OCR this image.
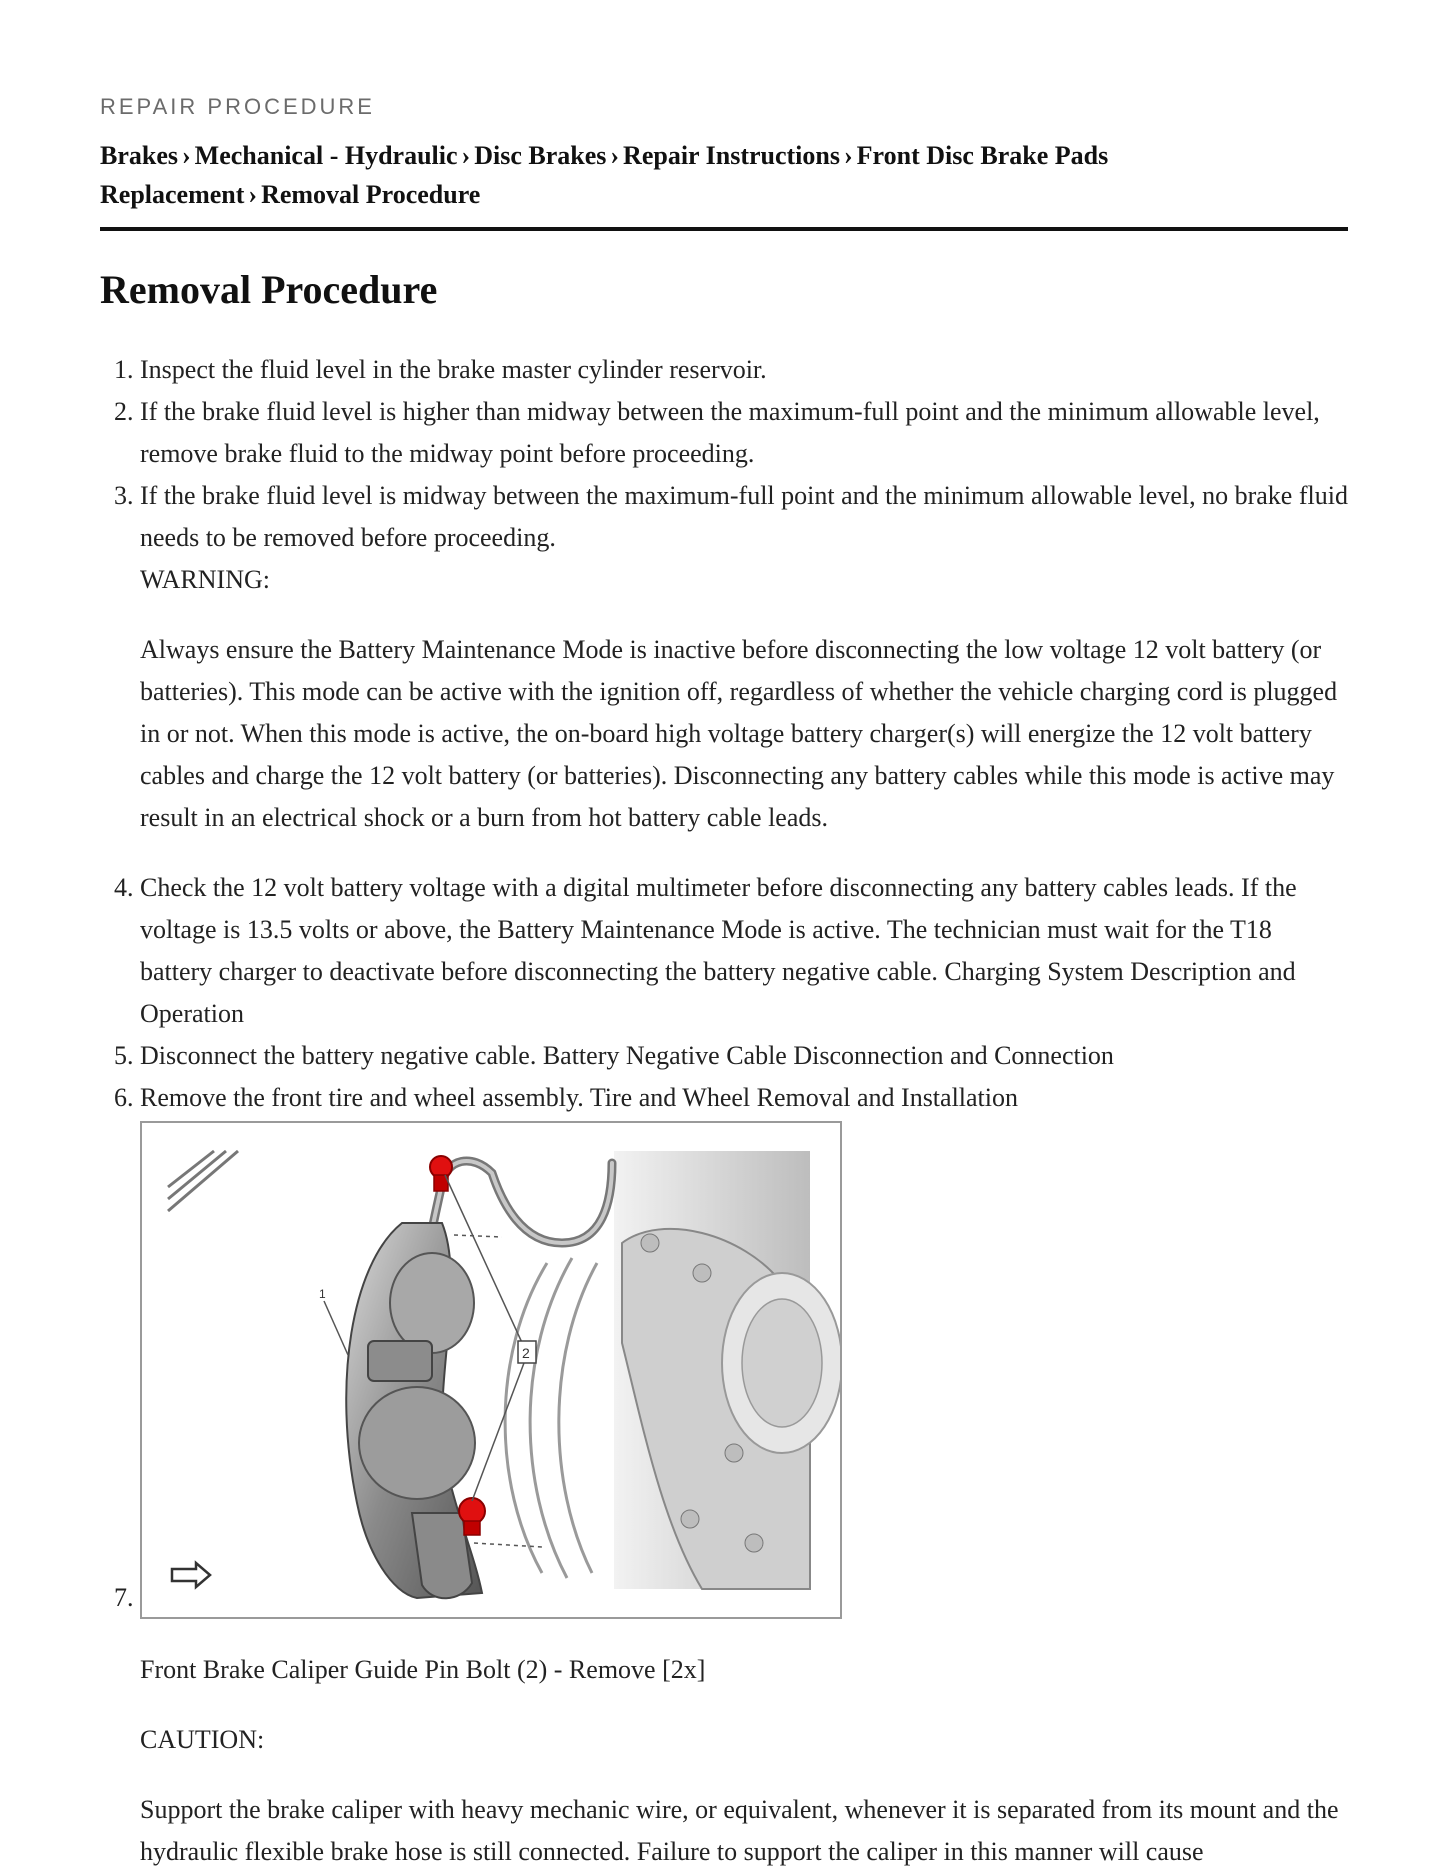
REPAIR PROCEDURE

Brakes › Mechanical - Hydraulic › Disc Brakes › Repair Instructions › Front Disc Brake Pads Replacement › Removal Procedure
Removal Procedure
1. Inspect the fluid level in the brake master cylinder reservoir.
2. If the brake fluid level is higher than midway between the maximum-full point and the minimum allowable level, remove brake fluid to the midway point before proceeding.
3. If the brake fluid level is midway between the maximum-full point and the minimum allowable level, no brake fluid needs to be removed before proceeding.
WARNING:
Always ensure the Battery Maintenance Mode is inactive before disconnecting the low voltage 12 volt battery (or batteries). This mode can be active with the ignition off, regardless of whether the vehicle charging cord is plugged in or not. When this mode is active, the on-board high voltage battery charger(s) will energize the 12 volt battery cables and charge the 12 volt battery (or batteries). Disconnecting any battery cables while this mode is active may result in an electrical shock or a burn from hot battery cable leads.
4. Check the 12 volt battery voltage with a digital multimeter before disconnecting any battery cables leads. If the voltage is 13.5 volts or above, the Battery Maintenance Mode is active. The technician must wait for the T18 battery charger to deactivate before disconnecting the battery negative cable. Charging System Description and Operation
5. Disconnect the battery negative cable. Battery Negative Cable Disconnection and Connection
6. Remove the front tire and wheel assembly. Tire and Wheel Removal and Installation
7. 1
2
Front Brake Caliper Guide Pin Bolt (2) - Remove [2x]
CAUTION:
Support the brake caliper with heavy mechanic wire, or equivalent, whenever it is separated from its mount and the hydraulic flexible brake hose is still connected. Failure to support the caliper in this manner will cause
